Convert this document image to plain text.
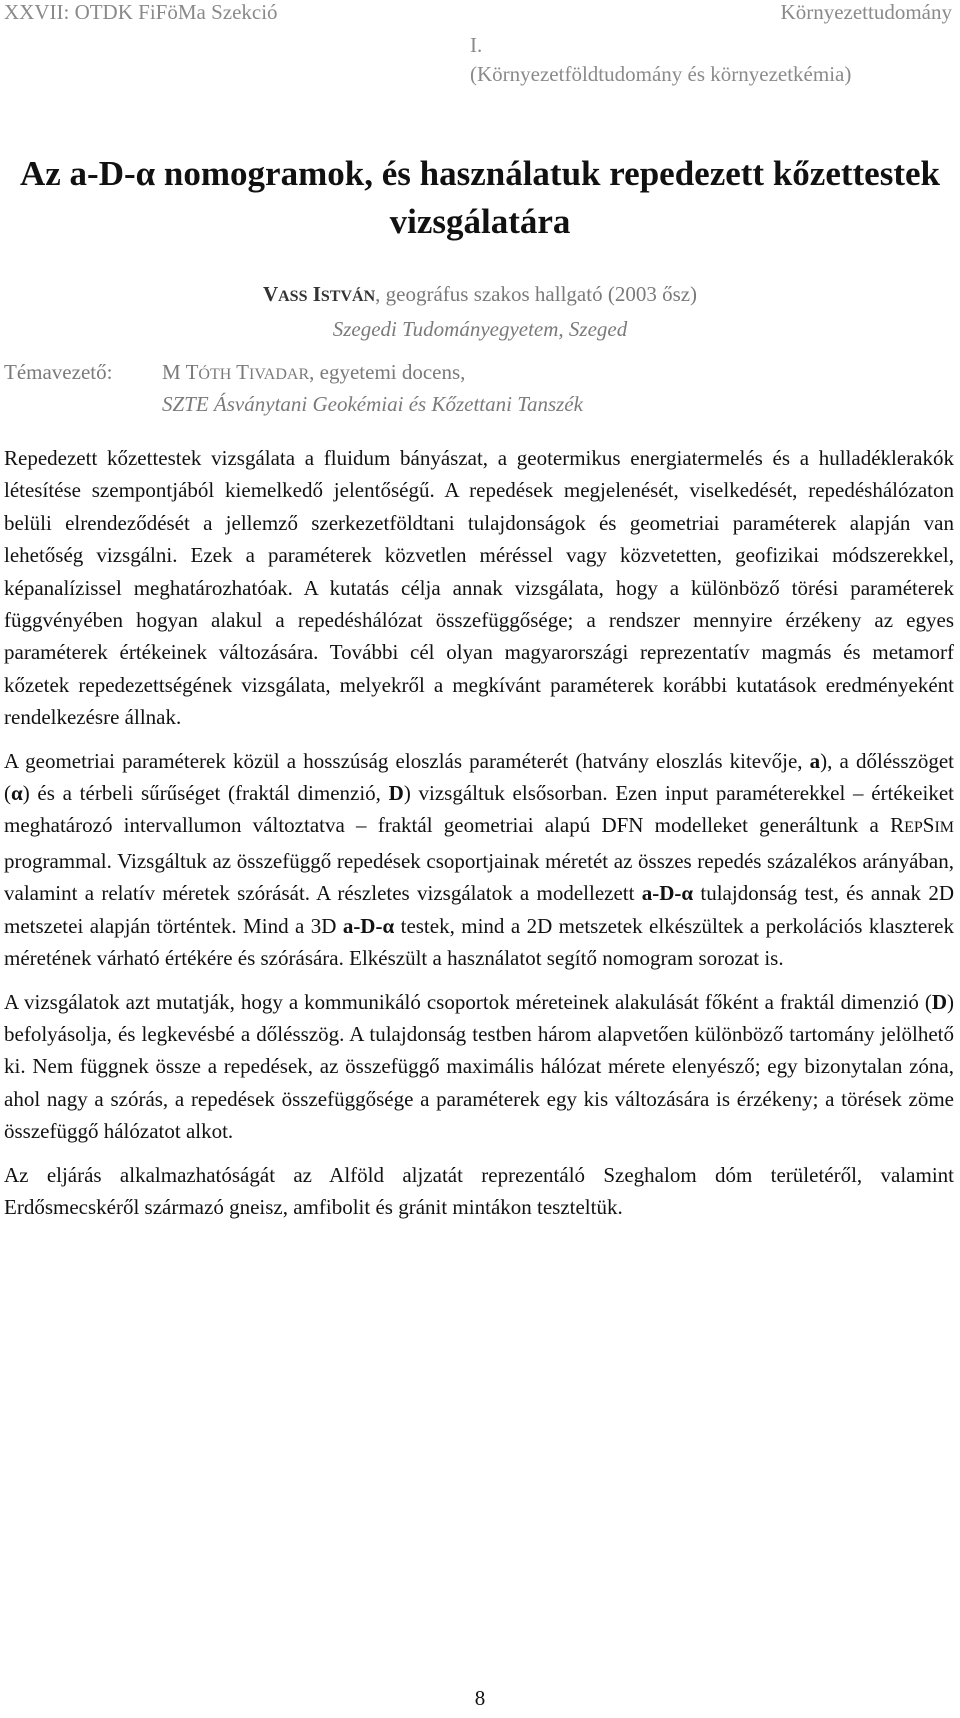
XXVII: OTDK FiFöMa Szekció	Környezettudomány
I.
(Környezetföldtudomány és környezetkémia)
Az a-D-α nomogramok, és használatuk repedezett kőzettestek
vizsgálatára
VASS ISTVÁN, geográfus szakos hallgató (2003 ősz)
Szegedi Tudományegyetem, Szeged
Témavezető: M TÓTH TIVADAR, egyetemi docens,
SZTE Ásványtani Geokémiai és Kőzettani Tanszék

Repedezett kőzettestek vizsgálata a fluidum bányászat, a geotermikus energiatermelés és a hulladéklerakók létesítése szempontjából kiemelkedő jelentőségű. A repedések megjelenését, viselkedését, repedéshálózaton belüli elrendeződését a jellemző szerkezetföldtani tulajdonságok és geometriai paraméterek alapján van lehetőség vizsgálni. Ezek a paraméterek közvetlen méréssel vagy közvetetten, geofizikai módszerekkel, képanalízissel meghatározhatóak. A kutatás célja annak vizsgálata, hogy a különböző törési paraméterek függvényében hogyan alakul a repedéshálózat összefüggősége; a rendszer mennyire érzékeny az egyes paraméterek értékeinek változására. További cél olyan magyarországi reprezentatív magmás és metamorf kőzetek repedezettségének vizsgálata, melyekről a megkívánt paraméterek korábbi kutatások eredményeként rendelkezésre állnak.

A geometriai paraméterek közül a hosszúság eloszlás paraméterét (hatvány eloszlás kitevője, a), a dőlésszöget (α) és a térbeli sűrűséget (fraktál dimenzió, D) vizsgáltuk elsősorban. Ezen input paraméterekkel – értékeiket meghatározó intervallumon változtatva – fraktál geometriai alapú DFN modelleket generáltunk a REPSIM programmal. Vizsgáltuk az összefüggő repedések csoportjainak méretét az összes repedés százalékos arányában, valamint a relatív méretek szórását. A részletes vizsgálatok a modellezett a-D-α tulajdonság test, és annak 2D metszetei alapján történtek. Mind a 3D a-D-α testek, mind a 2D metszetek elkészültek a perkolációs klaszterek méretének várható értékére és szórására. Elkészült a használatot segítő nomogram sorozat is.

A vizsgálatok azt mutatják, hogy a kommunikáló csoportok méreteinek alakulását főként a fraktál dimenzió (D) befolyásolja, és legkevésbé a dőlésszög. A tulajdonság testben három alapvetően különböző tartomány jelölhető ki. Nem függnek össze a repedések, az összefüggő maximális hálózat mérete elenyésző; egy bizonytalan zóna, ahol nagy a szórás, a repedések összefüggősége a paraméterek egy kis változására is érzékeny; a törések zöme összefüggő hálózatot alkot.

Az eljárás alkalmazhatóságát az Alföld aljzatát reprezentáló Szeghalom dóm területéről, valamint Erdősmecskéről származó gneisz, amfibolit és gránit mintákon teszteltük.

8
